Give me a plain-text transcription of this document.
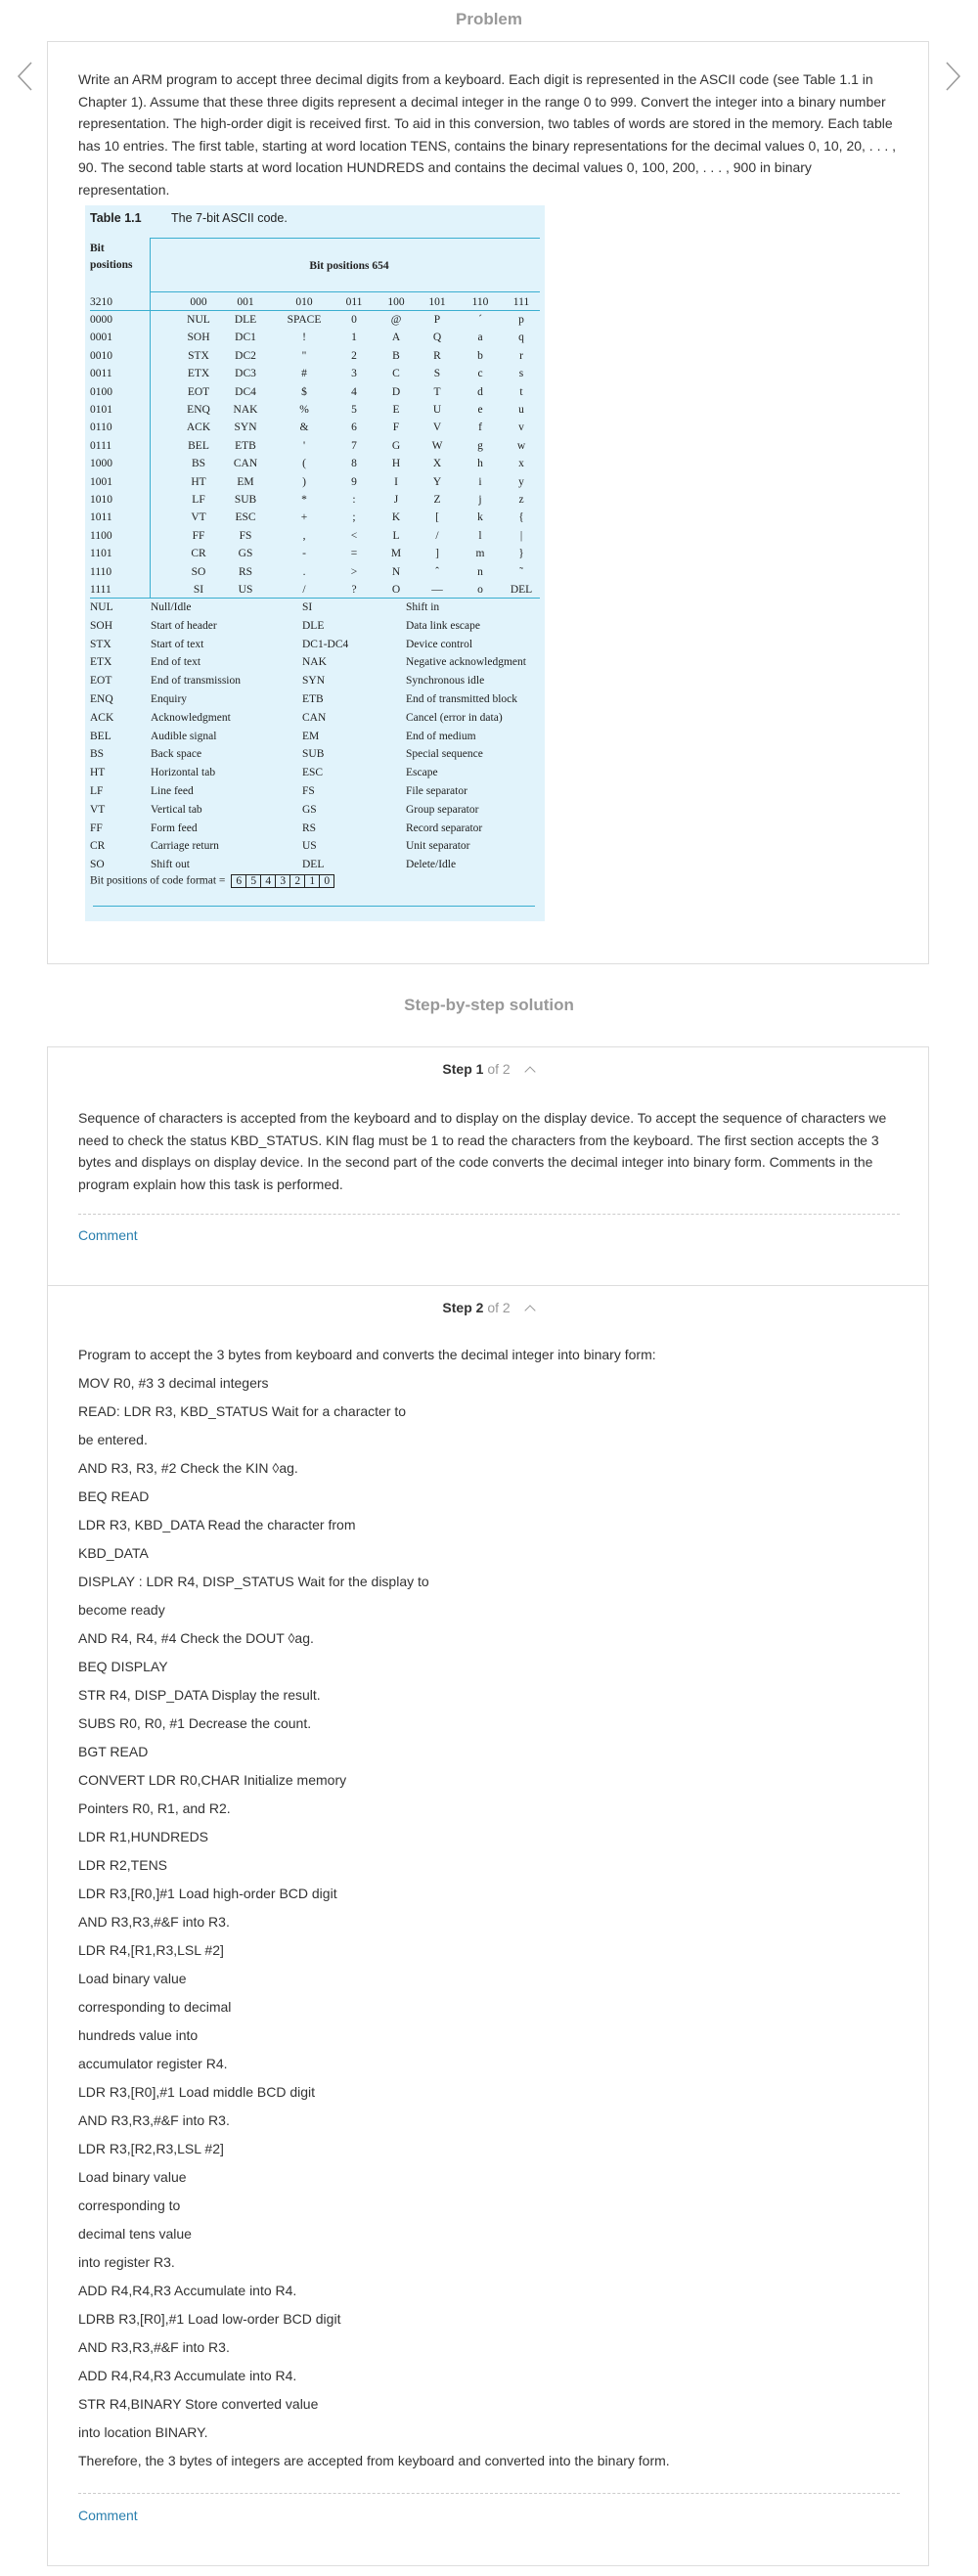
Problem

Write an ARM program to accept three decimal digits from a keyboard. Each digit is represented in the ASCII code (see Table 1.1 in Chapter 1). Assume that these three digits represent a decimal integer in the range 0 to 999. Convert the integer into a binary number representation. The high-order digit is received first. To aid in this conversion, two tables of words are stored in the memory. Each table has 10 entries. The first table, starting at word location TENS, contains the binary representations for the decimal values 0, 10, 20, . . . , 90. The second table starts at word location HUNDREDS and contains the decimal values 0, 100, 200, . . . , 900 in binary representation.

Table 1.1 The 7-bit ASCII code.
Bit positions	Bit positions 654
3210
Bit positions of code format = 6 5 4 3 2 1 0
000	001	010	011 100 101 110 111
0000	NUL DLE	SPACE	0	@	P	´	p
0001	SOH DC1	!	1	A	Q	a	q
0010	STX DC2	"	2	B	R	b	r
0011	ETX DC3	#	3	C	S	c	s
0100	EOT DC4	$	4	D	T	d	t
0101	ENQ NAK	%	5	E	U	e	u
0110	ACK SYN	&	6	F	V	f	v
0111	BEL ETB	'	7	G	W	g	w
1000	BS	CAN	(	8	H	X	h	x
1001	HT	EM	)	9	I	Y	i	y
1010	LF	SUB	*	:	J	Z	j	z
1011	VT	ESC	+	;	K	[	k	{
1100	FF	FS	,	<	L	/	l	|
1101	CR	GS	-	=	M	]	m	}
1110	SO	RS	.	>	N	ˆ	n	˜
1111	SI	US	/	?	O	—	o DEL
NUL	Null/Idle	SI	Shift in
SOH	Start of header	DLE	Data link escape
STX	Start of text	DC1-DC4	Device control
ETX	End of text	NAK	Negative acknowledgment
EOT	End of transmission	SYN	Synchronous idle
ENQ	Enquiry	ETB	End of transmitted block
ACK	Acknowledgment	CAN	Cancel (error in data)
BEL	Audible signal	EM	End of medium
BS	Back space	SUB	Special sequence
HT	Horizontal tab	ESC	Escape
LF	Line feed	FS	File separator
VT	Vertical tab	GS	Group separator
FF	Form feed	RS	Record separator
CR	Carriage return	US	Unit separator
SO	Shift out	DEL	Delete/Idle
Step-by-step solution
Step 1 of 2

Sequence of characters is accepted from the keyboard and to display on the display device. To accept the sequence of characters we need to check the status KBD_STATUS. KIN flag must be 1 to read the characters from the keyboard. The first section accepts the 3 bytes and displays on display device. In the second part of the code converts the decimal integer into binary form. Comments in the program explain how this task is performed.

Comment
Step 2 of 2
Program to accept the 3 bytes from keyboard and converts the decimal integer into binary form:
MOV R0, #3 3 decimal integers
READ: LDR R3, KBD_STATUS Wait for a character to
be entered.
AND R3, R3, #2 Check the KIN ◊ag.
BEQ READ
LDR R3, KBD_DATA Read the character from
KBD_DATA
DISPLAY : LDR R4, DISP_STATUS Wait for the display to
become ready
AND R4, R4, #4 Check the DOUT ◊ag.
BEQ DISPLAY
STR R4, DISP_DATA Display the result.
SUBS R0, R0, #1 Decrease the count.
BGT READ
CONVERT LDR R0,CHAR Initialize memory
Pointers R0, R1, and R2.
LDR R1,HUNDREDS
LDR R2,TENS
LDR R3,[R0,]#1 Load high-order BCD digit
AND R3,R3,#&F into R3.
LDR R4,[R1,R3,LSL #2]
Load binary value
corresponding to decimal
hundreds value into
accumulator register R4.
LDR R3,[R0],#1 Load middle BCD digit
AND R3,R3,#&F into R3.
LDR R3,[R2,R3,LSL #2]
Load binary value
corresponding to
decimal tens value
into register R3.
ADD R4,R4,R3 Accumulate into R4.
LDRB R3,[R0],#1 Load low-order BCD digit
AND R3,R3,#&F into R3.
ADD R4,R4,R3 Accumulate into R4.
STR R4,BINARY Store converted value
into location BINARY.
Therefore, the 3 bytes of integers are accepted from keyboard and converted into the binary form.
Comment
